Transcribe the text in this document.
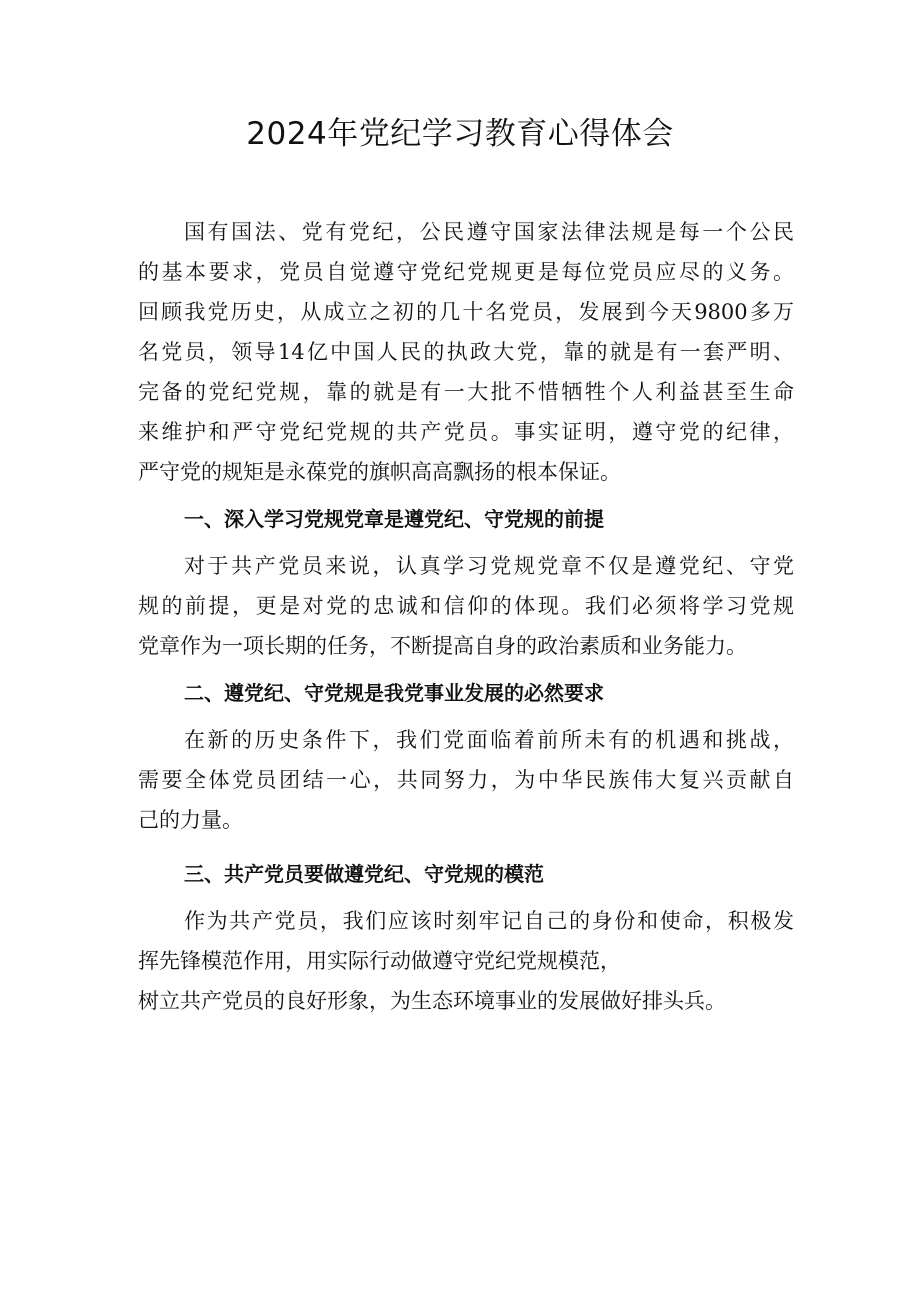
2024年党纪学习教育心得体会
国有国法、党有党纪，公民遵守国家法律法规是每一个公民
的基本要求，党员自觉遵守党纪党规更是每位党员应尽的义务。
回顾我党历史，从成立之初的几十名党员，发展到今天9800多万
名党员，领导14亿中国人民的执政大党，靠的就是有一套严明、
完备的党纪党规，靠的就是有一大批不惜牺牲个人利益甚至生命
来维护和严守党纪党规的共产党员。事实证明，遵守党的纪律，
严守党的规矩是永葆党的旗帜高高飘扬的根本保证。
一、深入学习党规党章是遵党纪、守党规的前提
对于共产党员来说，认真学习党规党章不仅是遵党纪、守党
规的前提，更是对党的忠诚和信仰的体现。我们必须将学习党规
党章作为一项长期的任务，不断提高自身的政治素质和业务能力。
二、遵党纪、守党规是我党事业发展的必然要求
在新的历史条件下，我们党面临着前所未有的机遇和挑战，
需要全体党员团结一心，共同努力，为中华民族伟大复兴贡献自
己的力量。
三、共产党员要做遵党纪、守党规的模范
作为共产党员，我们应该时刻牢记自己的身份和使命，积极发
挥先锋模范作用，用实际行动做遵守党纪党规模范，
树立共产党员的良好形象，为生态环境事业的发展做好排头兵。
